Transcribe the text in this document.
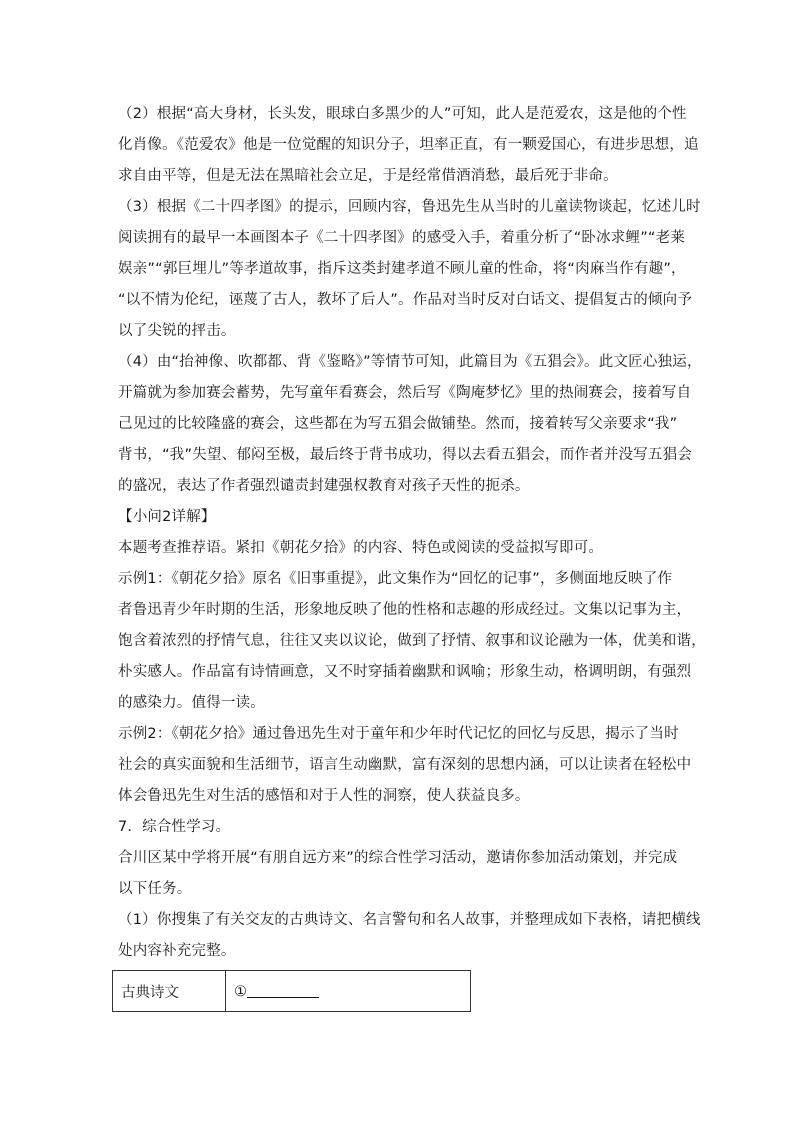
（2）根据“高大身材，长头发，眼球白多黑少的人”可知，此人是范爱农，这是他的个性
化肖像。《范爱农》他是一位觉醒的知识分子，坦率正直，有一颗爱国心，有进步思想，追
求自由平等，但是无法在黑暗社会立足，于是经常借酒消愁，最后死于非命。
（3）根据《二十四孝图》的提示，回顾内容，鲁迅先生从当时的儿童读物谈起，忆述儿时
阅读拥有的最早一本画图本子《二十四孝图》的感受入手，着重分析了“卧冰求鲤”“老莱
娱亲”“郭巨埋儿”等孝道故事，指斥这类封建孝道不顾儿童的性命，将“肉麻当作有趣”，
“以不情为伦纪，诬蔑了古人，教坏了后人”。作品对当时反对白话文、提倡复古的倾向予
以了尖锐的抨击。
（4）由“抬神像、吹都都、背《鉴略》”等情节可知，此篇目为《五猖会》。此文匠心独运，
开篇就为参加赛会蓄势，先写童年看赛会，然后写《陶庵梦忆》里的热闹赛会，接着写自
己见过的比较隆盛的赛会，这些都在为写五猖会做铺垫。然而，接着转写父亲要求“我”
背书，“我”失望、郁闷至极，最后终于背书成功，得以去看五猖会，而作者并没写五猖会
的盛况，表达了作者强烈谴责封建强权教育对孩子天性的扼杀。
【小问2详解】
本题考查推荐语。紧扣《朝花夕拾》的内容、特色或阅读的受益拟写即可。
示例1：《朝花夕拾》原名《旧事重提》，此文集作为“回忆的记事”，多侧面地反映了作
者鲁迅青少年时期的生活，形象地反映了他的性格和志趣的形成经过。文集以记事为主，
饱含着浓烈的抒情气息，往往又夹以议论，做到了抒情、叙事和议论融为一体，优美和谐，
朴实感人。作品富有诗情画意，又不时穿插着幽默和讽喻；形象生动，格调明朗，有强烈
的感染力。值得一读。
示例2：《朝花夕拾》通过鲁迅先生对于童年和少年时代记忆的回忆与反思，揭示了当时
社会的真实面貌和生活细节，语言生动幽默，富有深刻的思想内涵，可以让读者在轻松中
体会鲁迅先生对生活的感悟和对于人性的洞察，使人获益良多。
7．综合性学习。
合川区某中学将开展“有朋自远方来”的综合性学习活动，邀请你参加活动策划，并完成
以下任务。
（1）你搜集了有关交友的古典诗文、名言警句和名人故事，并整理成如下表格，请把横线
处内容补充完整。
古典诗文	①
